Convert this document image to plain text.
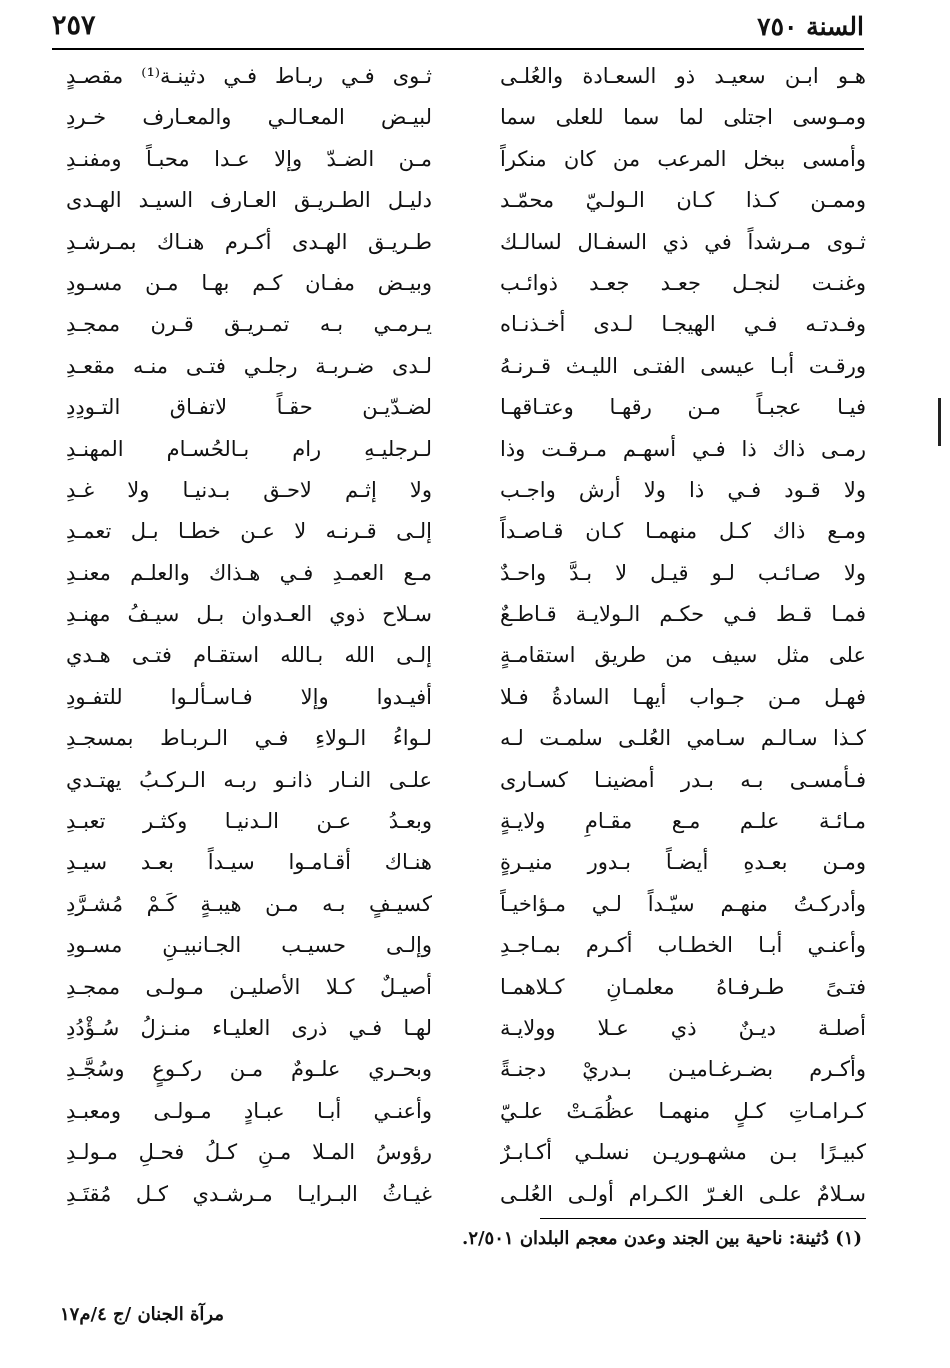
السنة ٧٥٠
٢٥٧
هـو ابـن سعيـد ذو السعـادة والعُلـى
ومـوسى اجتلى لما سما للعلى سما
وأمسى ببخل المرعب من كان منكراً
وممـن كـذا كـان الـولـيّ محمّـد
ثـوى مـرشداً في ذي السفـال لسالـك
وغنـت لنجـل جعـد جعـد ذوائـب
وفـدتـه فـي الهيجـا لـدى أخـذنـاه
ورقـت أبـا عيسى الفتـى الليـث قـرنـهُ
فيـا عجبـاً مـن رقهـا وعتـاقهـا
رمـى ذاك ذا فـي أسهـم مـرقـت وذا
ولا قـود فـي ذا ولا أرش واجـب
ومـع ذاك كـل منهمـا كـان قـاصـداً
ولا صـائـب لـو قيـل لا بـدَّ واحـدٌ
فمـا قـط فـي حكـم الـولايـة قـاطـعٌ
على مثل سيف من طريق استقامـةٍ
فهـل مـن جـواب أيهـا السادةُ فـلا
كـذا سـالـم سـامي العُلـى سلمـت لـه
فـأمسـى بـه بـدر أمضينـا كسـارى
مـائـة علـم مـع مقـامِ ولايـةٍ
ومـن بعـدهِ أيضـاً بـدور منيـرةٍ
وأدركـتُ منهـم سيّـداً لـي مـؤاخيـاً
وأعنـي أبـا الخطـاب أكـرم بمـاجـدِ
فتـىً طـرفـاهُ معلمـانِ كـلاهمـا
أصلـة ديـنٌ ذي عـلا وولايـة
وأكـرم بضـرغـاميـن بـدريْ دجنـةً
كـرامـاتِ كـلٍ منهمـا عظُمَـتْ علـيّ
كبيـرًا بـن مشهـوريـن نسلـي أكـابـرٌ
سـلامٌ علـى الغـرّ الكـرام أولـى العُلـى
ثـوى فـي ربـاط فـي دثينـة⁽¹⁾ مقصـدٍ
لبيـض المعـالـي والمعـارف خـردِ
مـن الضـدّ وإلا عـدا محبـاً ومفنـدِ
دليـل الطـريـق العـارف السيـد الهـدى
طـريـق الهـدى أكـرم هنـاك بمـرشـدِ
وبيـض مفـان كـم بهـا مـن مسـودِ
يـرمـي بـه تمـريـق قـرن ممجـدِ
لـدى ضـربـة رجلـي فتـى منـه مقعـدِ
لضـدّيـن حقـاً لاتفـاق التـودِدِ
لـرجليـهِ رام بـالحُسـام المهنـدِ
ولا إثـم لاحـق بـدنيـا ولا غـدِ
إلـى قـرنـه لا عـن خطـا بـل تعمـدِ
مـع العمـدِ فـي هـذاك والعلـم معنـدِ
سـلاح ذوي العـدوان بـل سيـفُ مهنـدِ
إلـى الله بـالله استقـام فتـى هـدي
أفيـدوا وإلا فـاسـألـوا للتفـودِ
لـواءُ الـولاءِ فـي الـربـاط بمسجـدِ
علـى النـار ذانـو ربـه الـركـبُ يهتـدي
وبعـدُ عـن الـدنيـا وكثـر تعبـدِ
هنـاك أقـامـوا سيـداً بعـد سيـدِ
كسيـفٍ بـه مـن هيبـةٍ كَـمْ مُشـرَّدِ
وإلـى حسيـب الجـانبيـنِ مسـودِ
أصيـلٌ كـلا الأصليـن مـولـى ممجـدِ
لهـا فـي ذرى العليـاء منـزلُ سُـؤْدُدِ
وبحـري علـومٌ مـن ركـوعٍ وسُجَّـدِ
وأعنـي أبـا عبـادٍ مـولـى ومعبـدِ
رؤوسُ المـلا مـنِ كـلُ فحـلِ مـولـدِ
غيـاثُ البـرايـا مـرشـدي كـل مُقتَـدِ
(١) دُثينة: ناحية بين الجند وعدن معجم البلدان ٢/٥٠١.
مرآة الجنان /ج ٤/م١٧
